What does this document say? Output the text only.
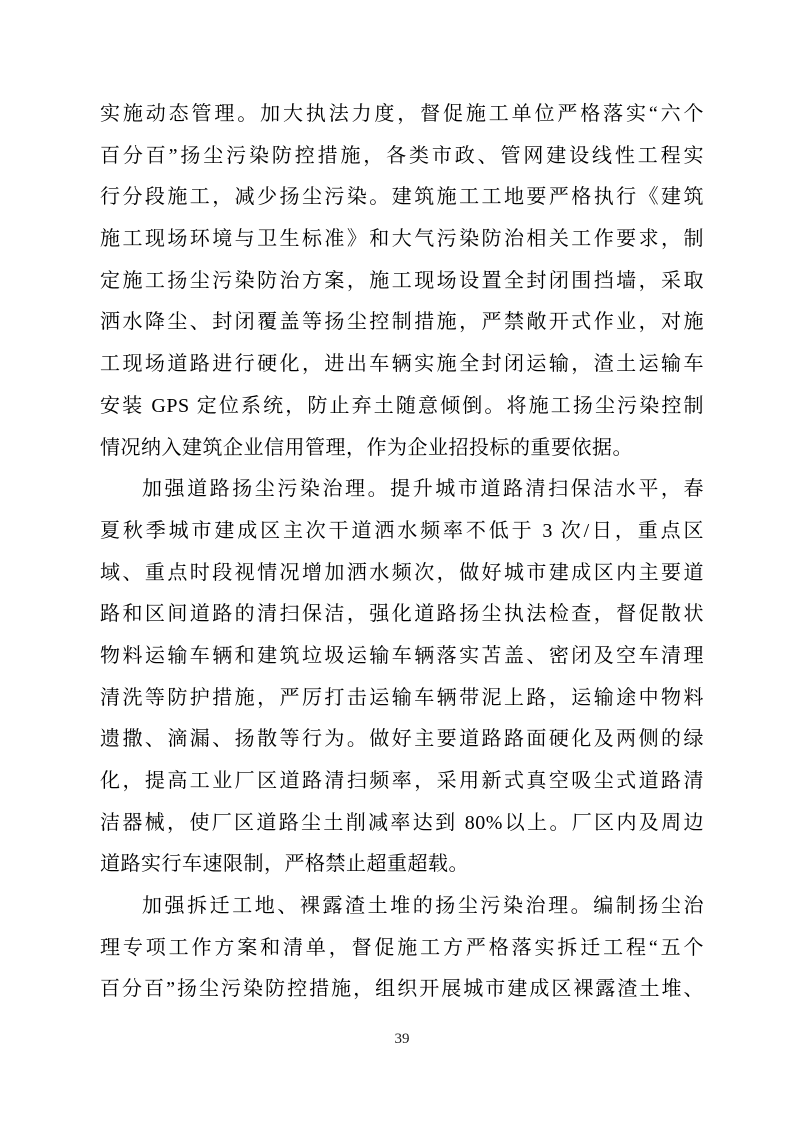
实施动态管理。加大执法力度，督促施工单位严格落实“六个
百分百”扬尘污染防控措施，各类市政、管网建设线性工程实
行分段施工，减少扬尘污染。建筑施工工地要严格执行《建筑
施工现场环境与卫生标准》和大气污染防治相关工作要求，制
定施工扬尘污染防治方案，施工现场设置全封闭围挡墙，采取
洒水降尘、封闭覆盖等扬尘控制措施，严禁敞开式作业，对施
工现场道路进行硬化，进出车辆实施全封闭运输，渣土运输车
安装 GPS 定位系统，防止弃土随意倾倒。将施工扬尘污染控制
情况纳入建筑企业信用管理，作为企业招投标的重要依据。
加强道路扬尘污染治理。提升城市道路清扫保洁水平，春
夏秋季城市建成区主次干道洒水频率不低于 3 次/日，重点区
域、重点时段视情况增加洒水频次，做好城市建成区内主要道
路和区间道路的清扫保洁，强化道路扬尘执法检查，督促散状
物料运输车辆和建筑垃圾运输车辆落实苫盖、密闭及空车清理
清洗等防护措施，严厉打击运输车辆带泥上路，运输途中物料
遗撒、滴漏、扬散等行为。做好主要道路路面硬化及两侧的绿
化，提高工业厂区道路清扫频率，采用新式真空吸尘式道路清
洁器械，使厂区道路尘土削减率达到 80%以上。厂区内及周边
道路实行车速限制，严格禁止超重超载。
加强拆迁工地、裸露渣土堆的扬尘污染治理。编制扬尘治
理专项工作方案和清单，督促施工方严格落实拆迁工程“五个
百分百”扬尘污染防控措施，组织开展城市建成区裸露渣土堆、
39
